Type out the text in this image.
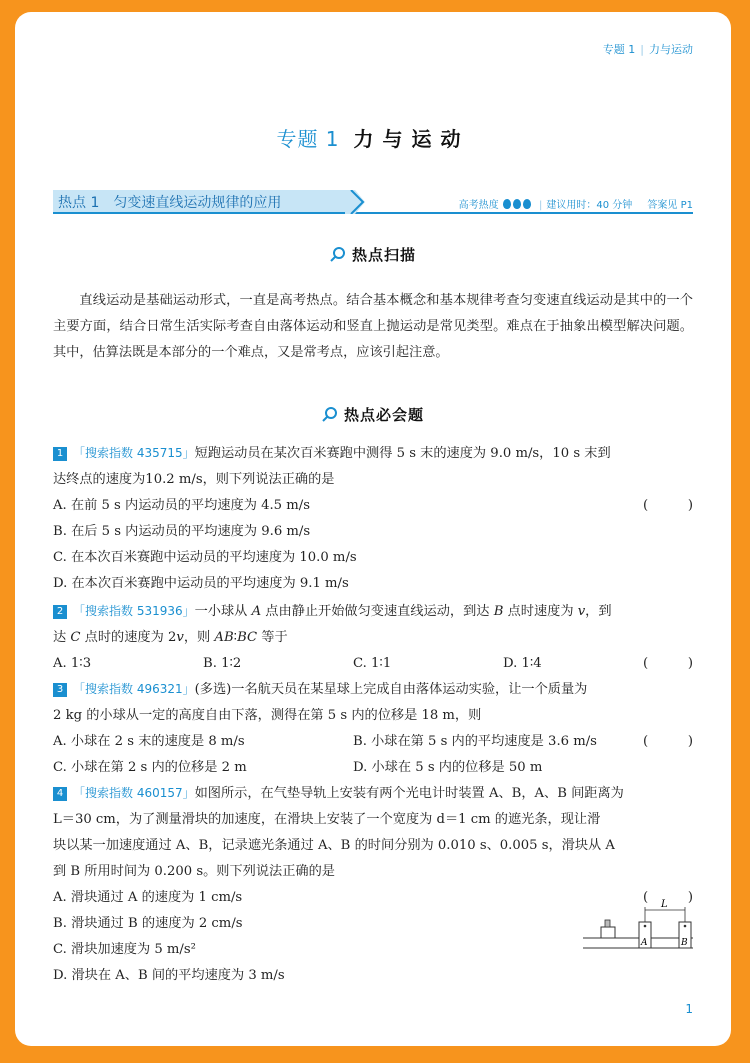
专题 1 | 力与运动
专题 1 力与运动
热点 1　匀变速直线运动规律的应用	高考热度	| 建议用时：40 分钟 答案见 P1
热点扫描
直线运动是基础运动形式，一直是高考热点。结合基本概念和基本规律考查匀变速直线运动是其中的一个主要方面，结合日常生活实际考查自由落体运动和竖直上抛运动是常见类型。难点在于抽象出模型解决问题。其中，估算法既是本部分的一个难点，又是常考点，应该引起注意。
热点必会题
1 「搜索指数 435715」短跑运动员在某次百米赛跑中测得 5 s 末的速度为 9.0 m/s，10 s 末到
达终点的速度为10.2 m/s，则下列说法正确的是
(	)
A. 在前 5 s 内运动员的平均速度为 4.5 m/s
B. 在后 5 s 内运动员的平均速度为 9.6 m/s
C. 在本次百米赛跑中运动员的平均速度为 10.0 m/s
D. 在本次百米赛跑中运动员的平均速度为 9.1 m/s
2 「搜索指数 531936」一小球从 A 点由静止开始做匀变速直线运动，到达 B 点时速度为 v，到
达 C 点时的速度为 2v，则 AB∶BC 等于
(	)
A. 1∶3	B. 1∶2	C. 1∶1	D. 1∶4
3 「搜索指数 496321」(多选)一名航天员在某星球上完成自由落体运动实验，让一个质量为
2 kg 的小球从一定的高度自由下落，测得在第 5 s 内的位移是 18 m，则
(	)
A. 小球在 2 s 末的速度是 8 m/s	B. 小球在第 5 s 内的平均速度是 3.6 m/s
C. 小球在第 2 s 内的位移是 2 m	D. 小球在 5 s 内的位移是 50 m
4 「搜索指数 460157」如图所示，在气垫导轨上安装有两个光电计时装置 A、B，A、B 间距离为
L＝30 cm，为了测量滑块的加速度，在滑块上安装了一个宽度为 d＝1 cm 的遮光条，现让滑
块以某一加速度通过 A、B，记录遮光条通过 A、B 的时间分别为 0.010 s、0.005 s，滑块从 A
到 B 所用时间为 0.200 s。则下列说法正确的是
(	)
A. 滑块通过 A 的速度为 1 cm/s
B. 滑块通过 B 的速度为 2 cm/s
C. 滑块加速度为 5 m/s²
D. 滑块在 A、B 间的平均速度为 3 m/s
L
A	B
1
